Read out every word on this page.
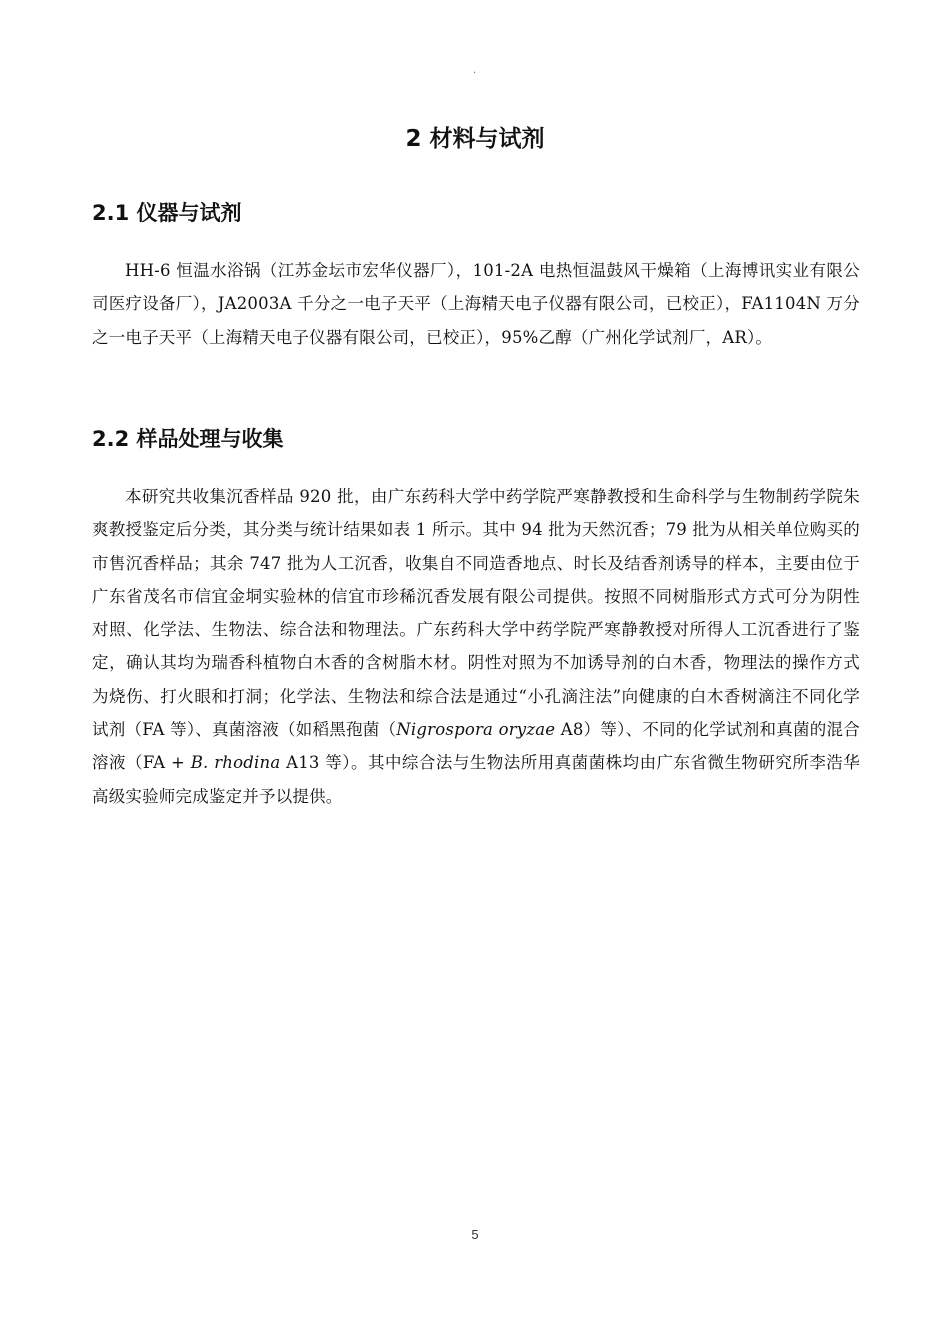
.
2 材料与试剂
2.1 仪器与试剂

HH-6 恒温水浴锅（江苏金坛市宏华仪器厂），101-2A 电热恒温鼓风干燥箱（上海博讯实业有限公司医疗设备厂），JA2003A 千分之一电子天平（上海精天电子仪器有限公司，已校正），FA1104N 万分之一电子天平（上海精天电子仪器有限公司，已校正），95%乙醇（广州化学试剂厂，AR）。

2.2 样品处理与收集

本研究共收集沉香样品 920 批，由广东药科大学中药学院严寒静教授和生命科学与生物制药学院朱爽教授鉴定后分类，其分类与统计结果如表 1 所示。其中 94 批为天然沉香；79 批为从相关单位购买的市售沉香样品；其余 747 批为人工沉香，收集自不同造香地点、时长及结香剂诱导的样本，主要由位于广东省茂名市信宜金垌实验林的信宜市珍稀沉香发展有限公司提供。按照不同树脂形式方式可分为阴性对照、化学法、生物法、综合法和物理法。广东药科大学中药学院严寒静教授对所得人工沉香进行了鉴定，确认其均为瑞香科植物白木香的含树脂木材。阴性对照为不加诱导剂的白木香，物理法的操作方式为烧伤、打火眼和打洞；化学法、生物法和综合法是通过“小孔滴注法”向健康的白木香树滴注不同化学试剂（FA 等）、真菌溶液（如稻黑孢菌（Nigrospora oryzae A8）等）、不同的化学试剂和真菌的混合溶液（FA + B. rhodina A13 等）。其中综合法与生物法所用真菌菌株均由广东省微生物研究所李浩华高级实验师完成鉴定并予以提供。

5
